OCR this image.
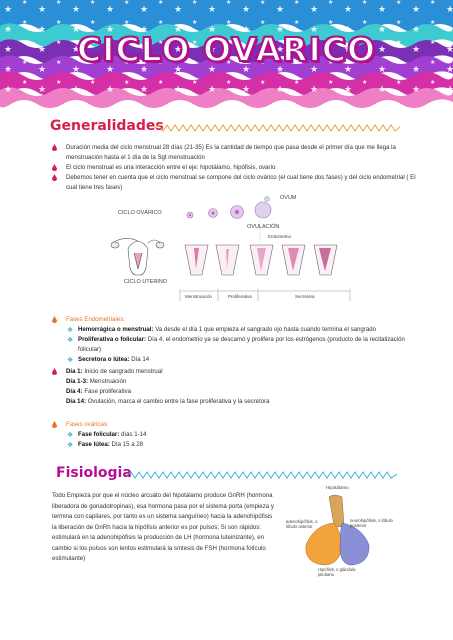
CICLO OVARICO
Generalidades
Duración media del ciclo menstrual 28 días (21-35) Es la cantidad de tiempo que pasa desde el primer día que me llega la menstruación hasta el 1 día de la Sgt menstruación
El ciclo menstrual es una interacción entre el eje: hipotálamo, hipófisis, ovario
Debemos tener en cuenta que el ciclo menstrual se compone del ciclo ovárico (el cual tiene dos fases) y del ciclo endometrial ( El cual tiene tres fases)
CICLO OVÁRICO
CICLO UTERINO
OVUM
OVULACIÓN
Endometrio
Menstruación	Proliferativa	Secretora
Fases Endometriales:
❖ Hemorrágica o menstrual: Va desde el día 1 que empieza el sangrado ojo hasta cuando termina el sangrado
❖ Proliferativa o folicular: Día 4, el endometrio ya se descamo y prolifera por los estrógenos (producto de la recitalización folicular)
❖ Secretora o lútea: Día 14
Día 1: Inicio de sangrado menstrual
Día 1-3: Menstruación
Día 4: Fase proliferativa
Día 14: Ovulación, marca el cambio entre la fase proliferativa y la secretora
Fases ováricas:
❖ Fase folicular: días 1-14
❖ Fase lútea: Día 15 a 28
Fisiologia
Todo Empieza por que el núcleo arcuato del hipotálamo produce GnRH (hormona liberadora de gonadotropinas), esa hormona pasa por el sistema porta (empieza y termina con capilares, por tanto es un sistema sanguíneo) hacia la adenohipófisis la liberación de GnRh hacia la hipófisis anterior es por pulsos; Si son rápidos: estimulará en la adenohipófisis la producción de LH (hormona luteinizante), en cambio si los pulsos son lentos estimulará la síntesis de FSH (hormona folículo estimulante)
Hipotálamo
adenohipófisis, o lóbulo anterior
neurohipófisis, o lóbulo posterior
Hipófisis, o glándula pituitaria
